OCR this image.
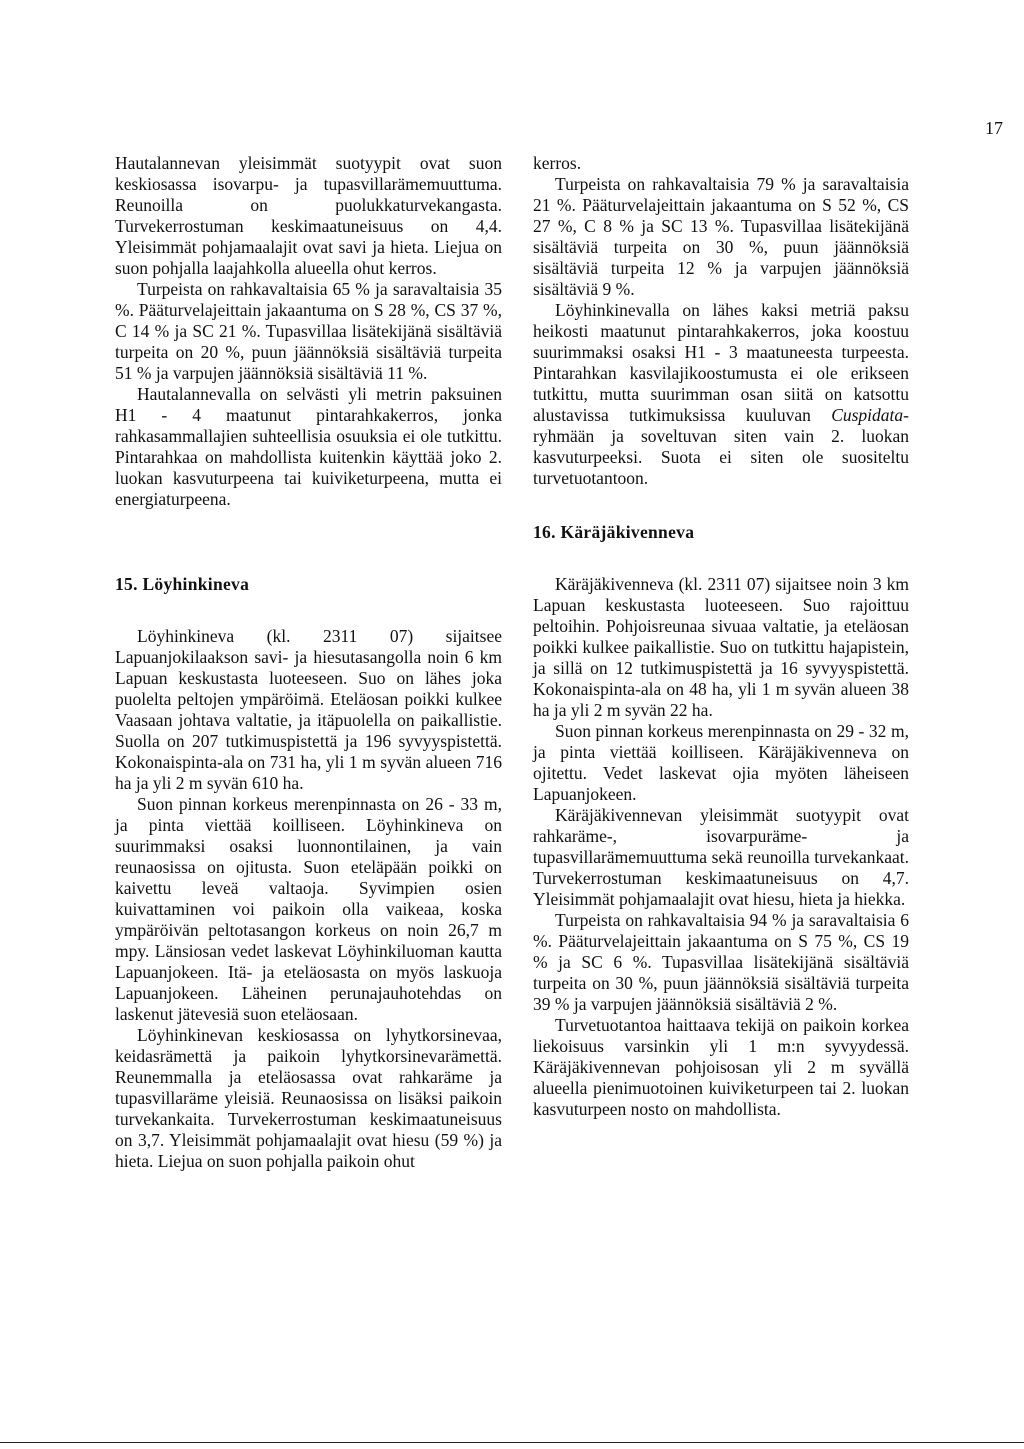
17

Hautalannevan yleisimmät suotyypit ovat suon keskiosassa isovarpu- ja tupasvillarämemuuttuma. Reunoilla on puolukkaturvekangasta. Turvekerrostuman keskimaatuneisuus on 4,4. Yleisimmät pohjamaalajit ovat savi ja hieta. Liejua on suon pohjalla laajahkolla alueella ohut kerros.

Turpeista on rahkavaltaisia 65 % ja saravaltaisia 35 %. Pääturvelajeittain jakaantuma on S 28 %, CS 37 %, C 14 % ja SC 21 %. Tupasvillaa lisätekijänä sisältäviä turpeita on 20 %, puun jäännöksiä sisältäviä turpeita 51 % ja varpujen jäännöksiä sisältäviä 11 %.

Hautalannevalla on selvästi yli metrin paksuinen H1 - 4 maatunut pintarahkakerros, jonka rahkasammallajien suhteellisia osuuksia ei ole tutkittu. Pintarahkaa on mahdollista kuitenkin käyttää joko 2. luokan kasvuturpeena tai kuiviketurpeena, mutta ei energiaturpeena.

15. Löyhinkineva

Löyhinkineva (kl. 2311 07) sijaitsee Lapuanjokilaakson savi- ja hiesutasangolla noin 6 km Lapuan keskustasta luoteeseen. Suo on lähes joka puolelta peltojen ympäröimä. Eteläosan poikki kulkee Vaasaan johtava valtatie, ja itäpuolella on paikallistie. Suolla on 207 tutkimuspistettä ja 196 syvyyspistettä. Kokonaispinta-ala on 731 ha, yli 1 m syvän alueen 716 ha ja yli 2 m syvän 610 ha.

Suon pinnan korkeus merenpinnasta on 26 - 33 m, ja pinta viettää koilliseen. Löyhinkineva on suurimmaksi osaksi luonnontilainen, ja vain reunaosissa on ojitusta. Suon eteläpään poikki on kaivettu leveä valtaoja. Syvimpien osien kuivattaminen voi paikoin olla vaikeaa, koska ympäröivän peltotasangon korkeus on noin 26,7 m mpy. Länsiosan vedet laskevat Löyhinkiluoman kautta Lapuanjokeen. Itä- ja eteläosasta on myös laskuoja Lapuanjokeen. Läheinen perunajauhotehdas on laskenut jätevesiä suon eteläosaan.

Löyhinkinevan keskiosassa on lyhytkorsinevaa, keidasrämettä ja paikoin lyhytkorsinevarämettä. Reunemmalla ja eteläosassa ovat rahkaräme ja tupasvillaräme yleisiä. Reunaosissa on lisäksi paikoin turvekankaita. Turvekerrostuman keskimaatuneisuus on 3,7. Yleisimmät pohjamaalajit ovat hiesu (59 %) ja hieta. Liejua on suon pohjalla paikoin ohut

kerros.

Turpeista on rahkavaltaisia 79 % ja saravaltaisia 21 %. Pääturvelajeittain jakaantuma on S 52 %, CS 27 %, C 8 % ja SC 13 %. Tupasvillaa lisätekijänä sisältäviä turpeita on 30 %, puun jäännöksiä sisältäviä turpeita 12 % ja varpujen jäännöksiä sisältäviä 9 %.

Löyhinkinevalla on lähes kaksi metriä paksu heikosti maatunut pintarahkakerros, joka koostuu suurimmaksi osaksi H1 - 3 maatuneesta turpeesta. Pintarahkan kasvilajikoostumusta ei ole erikseen tutkittu, mutta suurimman osan siitä on katsottu alustavissa tutkimuksissa kuuluvan Cuspidata-ryhmään ja soveltuvan siten vain 2. luokan kasvuturpeeksi. Suota ei siten ole suositeltu turvetuotantoon.

16. Käräjäkivenneva

Käräjäkivenneva (kl. 2311 07) sijaitsee noin 3 km Lapuan keskustasta luoteeseen. Suo rajoittuu peltoihin. Pohjoisreunaa sivuaa valtatie, ja eteläosan poikki kulkee paikallistie. Suo on tutkittu hajapistein, ja sillä on 12 tutkimuspistettä ja 16 syvyyspistettä. Kokonaispinta-ala on 48 ha, yli 1 m syvän alueen 38 ha ja yli 2 m syvän 22 ha.

Suon pinnan korkeus merenpinnasta on 29 - 32 m, ja pinta viettää koilliseen. Käräjäkivenneva on ojitettu. Vedet laskevat ojia myöten läheiseen Lapuanjokeen.

Käräjäkivennevan yleisimmät suotyypit ovat rahkaräme-, isovarpuräme- ja tupasvillarämemuuttuma sekä reunoilla turvekankaat. Turvekerrostuman keskimaatuneisuus on 4,7. Yleisimmät pohjamaalajit ovat hiesu, hieta ja hiekka.

Turpeista on rahkavaltaisia 94 % ja saravaltaisia 6 %. Pääturvelajeittain jakaantuma on S 75 %, CS 19 % ja SC 6 %. Tupasvillaa lisätekijänä sisältäviä turpeita on 30 %, puun jäännöksiä sisältäviä turpeita 39 % ja varpujen jäännöksiä sisältäviä 2 %.

Turvetuotantoa haittaava tekijä on paikoin korkea liekoisuus varsinkin yli 1 m:n syvyydessä. Käräjäkivennevan pohjoisosan yli 2 m syvällä alueella pienimuotoinen kuiviketurpeen tai 2. luokan kasvuturpeen nosto on mahdollista.
